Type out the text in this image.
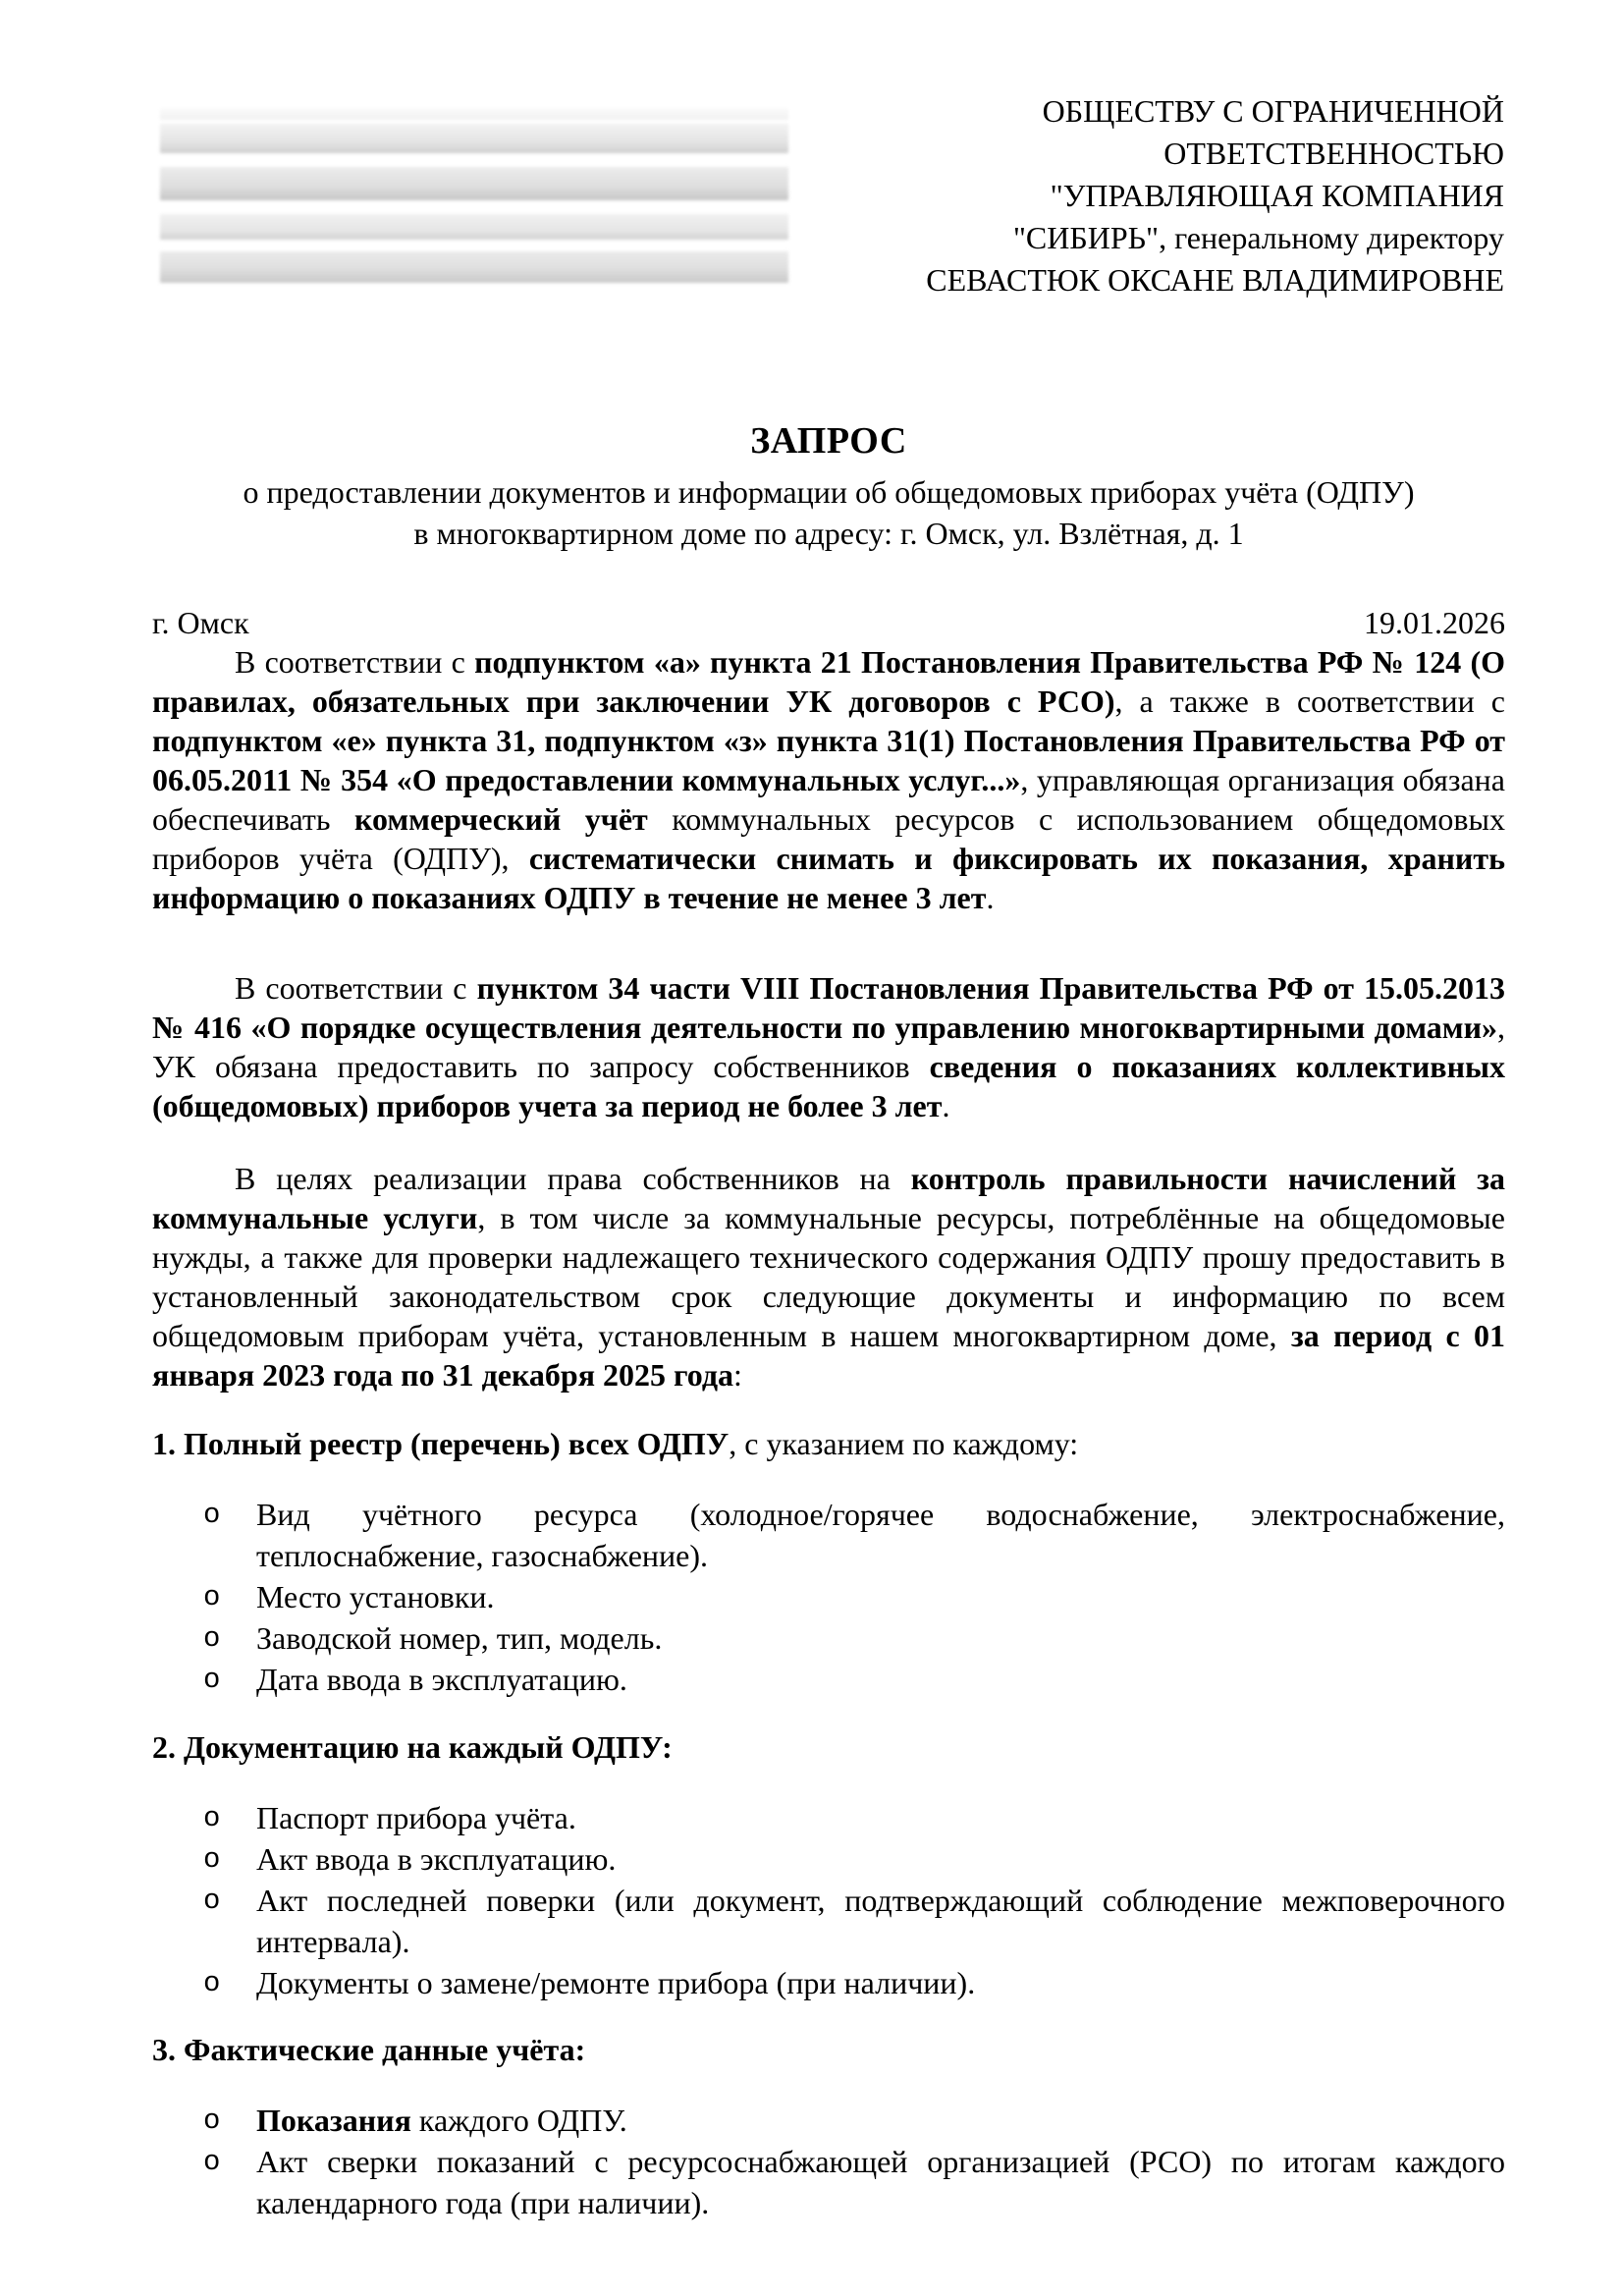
ОБЩЕСТВУ С ОГРАНИЧЕННОЙ
ОТВЕТСТВЕННОСТЬЮ
"УПРАВЛЯЮЩАЯ КОМПАНИЯ
"СИБИРЬ", генеральному директору
СЕВАСТЮК ОКСАНЕ ВЛАДИМИРОВНЕ
ЗАПРОС
о предоставлении документов и информации об общедомовых приборах учёта (ОДПУ)
в многоквартирном доме по адресу: г. Омск, ул. Взлётная, д. 1
г. Омск	19.01.2026

В соответствии с подпунктом «а» пункта 21 Постановления Правительства РФ № 124 (О правилах, обязательных при заключении УК договоров с РСО), а также в соответствии с подпунктом «е» пункта 31, подпунктом «з» пункта 31(1) Постановления Правительства РФ от 06.05.2011 № 354 «О предоставлении коммунальных услуг...», управляющая организация обязана обеспечивать коммерческий учёт коммунальных ресурсов с использованием общедомовых приборов учёта (ОДПУ), систематически снимать и фиксировать их показания, хранить информацию о показаниях ОДПУ в течение не менее 3 лет.

В соответствии с пунктом 34 части VIII Постановления Правительства РФ от 15.05.2013 № 416 «О порядке осуществления деятельности по управлению многоквартирными домами», УК обязана предоставить по запросу собственников сведения о показаниях коллективных (общедомовых) приборов учета за период не более 3 лет.

В целях реализации права собственников на контроль правильности начислений за коммунальные услуги, в том числе за коммунальные ресурсы, потреблённые на общедомовые нужды, а также для проверки надлежащего технического содержания ОДПУ прошу предоставить в установленный законодательством срок следующие документы и информацию по всем общедомовым приборам учёта, установленным в нашем многоквартирном доме, за период с 01 января 2023 года по 31 декабря 2025 года:

1. Полный реестр (перечень) всех ОДПУ, с указанием по каждому:

o Вид учётного ресурса (холодное/горячее водоснабжение, электроснабжение, теплоснабжение, газоснабжение).
o Место установки.
o Заводской номер, тип, модель.
o Дата ввода в эксплуатацию.

2. Документацию на каждый ОДПУ:

o Паспорт прибора учёта.
o Акт ввода в эксплуатацию.
o Акт последней поверки (или документ, подтверждающий соблюдение межповерочного интервала).
o Документы о замене/ремонте прибора (при наличии).

3. Фактические данные учёта:

o Показания каждого ОДПУ.
o Акт сверки показаний с ресурсоснабжающей организацией (РСО) по итогам каждого календарного года (при наличии).
